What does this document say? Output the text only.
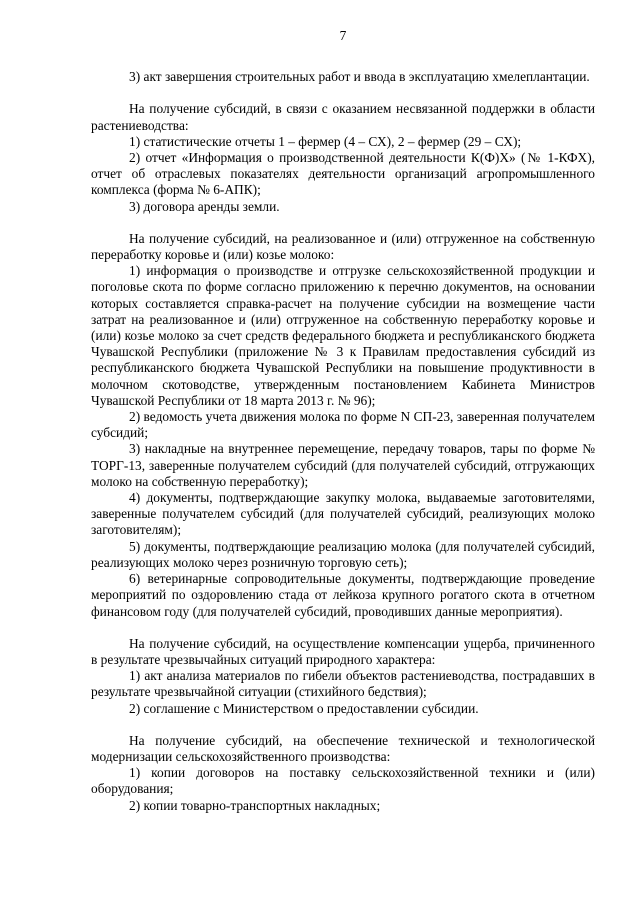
7

3) акт завершения строительных работ и ввода в эксплуатацию хмелеплантации.

На получение субсидий, в связи с оказанием несвязанной поддержки в области растениеводства:

1) статистические отчеты 1 – фермер (4 – СХ), 2 – фермер (29 – СХ);

2) отчет «Информация о производственной деятельности К(Ф)Х» (№ 1-КФХ), отчет об отраслевых показателях деятельности организаций агропромышленного комплекса (форма № 6-АПК);

3) договора аренды земли.

На получение субсидий, на реализованное и (или) отгруженное на собственную переработку коровье и (или) козье молоко:

1) информация о производстве и отгрузке сельскохозяйственной продукции и поголовье скота по форме согласно приложению к перечню документов, на основании которых составляется справка-расчет на получение субсидии на возмещение части затрат на реализованное и (или) отгруженное на собственную переработку коровье и (или) козье молоко за счет средств федерального бюджета и республиканского бюджета Чувашской Республики (приложение № 3 к Правилам предоставления субсидий из республиканского бюджета Чувашской Республики на повышение продуктивности в молочном скотоводстве, утвержденным постановлением Кабинета Министров Чувашской Республики от 18 марта 2013 г. № 96);

2) ведомость учета движения молока по форме N СП-23, заверенная получателем субсидий;

3) накладные на внутреннее перемещение, передачу товаров, тары по форме № ТОРГ-13, заверенные получателем субсидий (для получателей субсидий, отгружающих молоко на собственную переработку);

4) документы, подтверждающие закупку молока, выдаваемые заготовителями, заверенные получателем субсидий (для получателей субсидий, реализующих молоко заготовителям);

5) документы, подтверждающие реализацию молока (для получателей субсидий, реализующих молоко через розничную торговую сеть);

6) ветеринарные сопроводительные документы, подтверждающие проведение мероприятий по оздоровлению стада от лейкоза крупного рогатого скота в отчетном финансовом году (для получателей субсидий, проводивших данные мероприятия).

На получение субсидий, на осуществление компенсации ущерба, причиненного в результате чрезвычайных ситуаций природного характера:

1) акт анализа материалов по гибели объектов растениеводства, пострадавших в результате чрезвычайной ситуации (стихийного бедствия);

2) соглашение с Министерством о предоставлении субсидии.

На получение субсидий, на обеспечение технической и технологической модернизации сельскохозяйственного производства:

1) копии договоров на поставку сельскохозяйственной техники и (или) оборудования;

2) копии товарно-транспортных накладных;
